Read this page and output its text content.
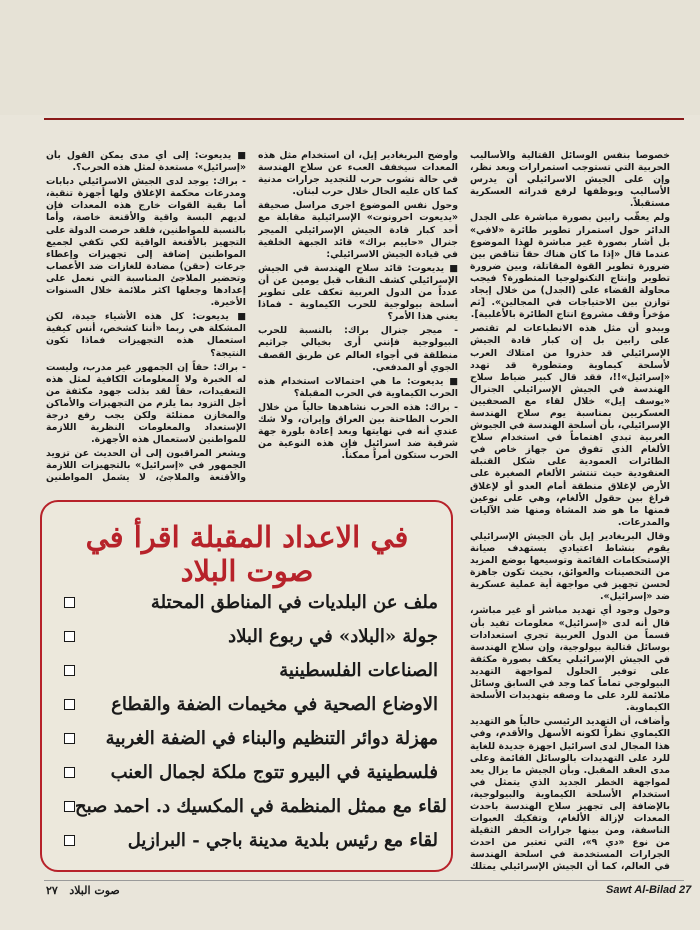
خصوصاً بنفس الوسائل القتالية والأساليب الحربية التي تستوجب استمرارات وبعد نظر، وإن على الجيش الاسرائيلي أن يدرس الأساليب ويوظفها لرفع قدراته العسكرية مستقبلاً.

ولم يعقّب رابين بصورة مباشرة على الجدل الدائر حول استمرار تطوير طائرة «لافي» بل أشار بصورة غير مباشرة لهذا الموضوع عندما قال «إذا ما كان هناك حقاً تناقض بين ضرورة تطوير القوة المقاتلة، وبين ضرورة تطوير وإنتاج التكنولوجيا المتطورة؟ فيجب محاولة القضاء على (الجدل) من خلال إيجاد توازن بين الاحتياجات في المجالين». [ثم مؤخراً وقف مشروع انتاج الطائرة بالأغلبية].

ويبدو أن مثل هذه الانطباعات لم تقتصر على رابين بل إن كبار قادة الجيش الإسرائيلي قد حذروا من امتلاك العرب لأسلحة كيماوية ومتطورة قد تهدد «إسرائيل»!!، فقد قال كبير ضباط سلاح الهندسة في الجيش الإسرائيلي الجنرال «يوسف إيل» خلال لقاء مع الصحفيين العسكريين بمناسبة يوم سلاح الهندسة الإسرائيلي، بأن أسلحة الهندسة في الجيوش العربية تبدي اهتماماً في استخدام سلاح الألغام الذي تفوق من جهاز خاص في الطائرات العمودية على شكل القنبلة العنقودية حيث تنتشر الألغام الصغيرة على الأرض لإغلاق منطقة أمام العدو أو لإغلاق فراغ بين حقول الألغام، وهي على نوعين فمنها ما هو ضد المشاة ومنها ضد الآليات والمدرعات.

وقال البريغادير إيل بأن الجيش الإسرائيلي يقوم بنشاط اعتيادي يستهدف صيانة الإستحكامات القائمة وتوسيعها بوضع المزيد من التحصينات والعوائق، بحيث تكون جاهزة لحسن تجهيز في مواجهة أية عملية عسكرية ضد «إسرائيل».

وحول وجود أي تهديد مباشر أو غير مباشر، قال أنه لدى «إسرائيل» معلومات تفيد بأن قسماً من الدول العربية تجري استعدادات بوسائل قتالية بيولوجية، وإن سلاح الهندسة في الجيش الإسرائيلي يعكف بصورة مكثفة على توفير الحلول لمواجهة التهديد البيولوجي تماماً كما وجد في السابق وسائل ملائمة للرد على ما وصفه بتهديدات الأسلحة الكيماوية.

وأضاف، أن التهديد الرئيسي حالياً هو التهديد الكيماوي نظراً لكونه الأسهل والأقدم، وفي هذا المجال لدى اسرائيل اجهزة جديدة للغاية للرد على التهديدات بالوسائل القائمة وعلى مدى العقد المقبل. وبأن الجيش ما يزال يعد لمواجهة الخطر الجديد الذي يتمثل في استخدام الأسلحة الكيماوية والبيولوجية، بالإضافة إلى تجهيز سلاح الهندسة باحدث المعدات لإزالة الألغام، وتفكيك العبوات الناسفة، ومن بينها جرارات الحفر الثقيلة من نوع «دي ٩»، التي تعتبر من احدث الجرارات المستخدمة في اسلحة الهندسة في العالم، كما أن الجيش الإسرائيلي يمتلك

وأوضح البريغادير إيل، أن استخدام مثل هذه المعدات سيخفف العبء عن سلاح الهندسة في حالة نشوب حرب للتجديد جرارات مدنية كما كان عليه الحال خلال حرب لبنان.

وحول نفس الموضوع اجرى مراسل صحيفة «يديعوت احرونوت» الإسرائيلية مقابلة مع أحد كبار قادة الجيش الإسرائيلي الميجر جنرال «حاييم براك» قائد الجبهة الخلفية في قيادة الجيش الاسرائيلي:

■ يديعوت: قائد سلاح الهندسة في الجيش الإسرائيلي كشف النقاب قبل يومين عن أن عدداً من الدول العربية تعكف على تطوير أسلحة بيولوجية للحرب الكيماوية - فماذا يعني هذا الأمر؟

- ميجر جنرال براك: بالنسبة للحرب البيولوجية فإنني أرى بخيالي جراثيم منطلقة في أجواء العالم عن طريق القصف الجوي أو المدفعي.

■ يديعوت: ما هي احتمالات استخدام هذه الحرب الكيماوية في الحرب المقبلة؟

- براك: هذه الحرب نشاهدها حالياً من خلال الحرب الطاحنة بين العراق وإيران، ولا شك عندي أنه في نهايتها وبعد إعادة بلورة جهة شرقية ضد اسرائيل فإن هذه النوعية من الحرب ستكون أمراً ممكناً.

■ يديعوت: إلى أي مدى يمكن القول بأن «إسرائيل» مستعدة لمثل هذه الحرب؟.

- براك: يوجد لدى الجيش الاسرائيلي دبابات ومدرعات محكمة الإغلاق ولها أجهزة تنقية، أما بقية القوات خارج هذه المعدات فإن لديهم البسة واقية والأقنعة خاصة، وأما بالنسبة للمواطنين، فلقد حرصت الدولة على التجهيز بالأقنعة الواقية لكي تكفي لجميع المواطنين إضافة إلى تجهيزات وإعطاء جرعات (حقن) مضادة للغازات ضد الأعصاب وتحضير الملاجئ المناسبة التي نعمل على إعدادها وجعلها اكثر ملائمة خلال السنوات الأخيرة.

■ يديعوت: كل هذه الأشياء جيدة، لكن المشكلة هي ربما «أننا كشخص، أنس كيفية استعمال هذه التجهيزات فماذا تكون النتيجة؟

- براك: حقاً إن الجمهور غير مدرب، وليست له الخبرة ولا المعلومات الكافية لمثل هذه التعقيدات، حقاً لقد بذلت جهود مكثفة من أجل التزود بما يلزم من التجهيزات والأماكن والمخازن ممتلئة ولكن يجب رفع درجة الإستعداد والمعلومات النظرية اللازمة للمواطنين لاستعمال هذه الأجهزة.

ويشعر المراقبون إلى أن الحديث عن تزويد الجمهور في «إسرائيل» بالتجهيزات اللازمة والأقنعة والملاجئ، لا يشمل المواطنين

في الاعداد المقبلة اقرأ في صوت البلاد
ملف عن البلديات في المناطق المحتلة
جولة «البلاد» في ربوع البلاد
الصناعات الفلسطينية
الاوضاع الصحية في مخيمات الضفة والقطاع
مهزلة دوائر التنظيم والبناء في الضفة الغربية
فلسطينية في البيرو تتوج ملكة لجمال العنب
لقاء مع ممثل المنظمة في المكسيك د. احمد صبح
لقاء مع رئيس بلدية مدينة باجي - البرازيل
صوت البلاد   ٢٧	Sawt Al-Bilad 27
